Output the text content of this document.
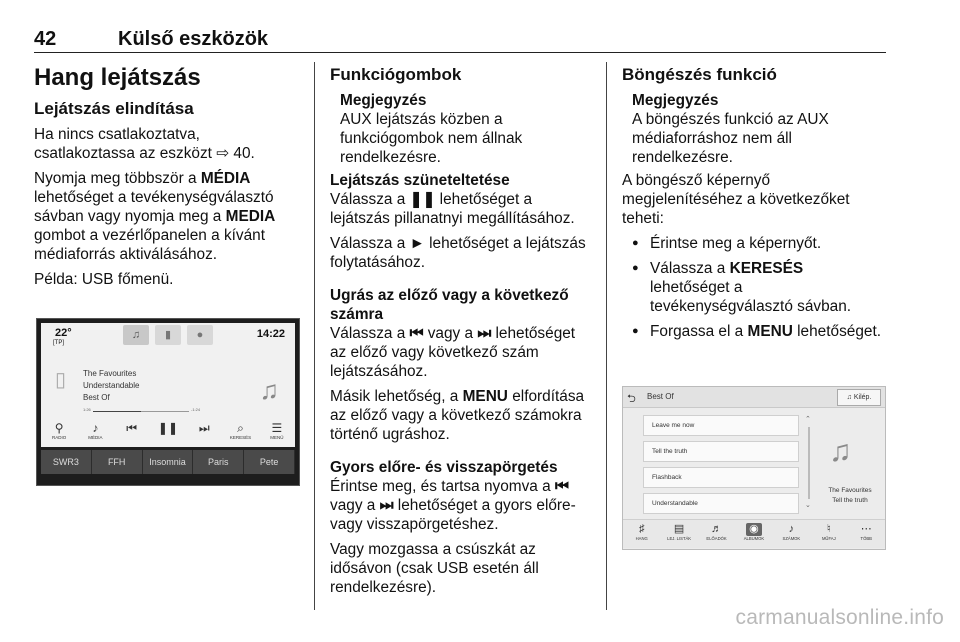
42	Külső eszközök
Hang lejátszás
Lejátszás elindítása

Ha nincs csatlakoztatva, csatlakoztassa az eszközt ⇨ 40.

Nyomja meg többször a MÉDIA lehetőséget a tevékenységválasztó sávban vagy nyomja meg a MEDIA gombot a vezérlőpanelen a kívánt médiaforrás aktiválásához.

Példa: USB főmenü.

22°
[TP]
♫	▮	●	14:22
▯ The Favourites
Understandable
Best Of	♫
1:26	-1:24
⚲
RADIO
♪
MÉDIA
⏮	❚❚	⏭	⌕
KERESÉS
☰
MENÜ
SWR3	FFH	Insomnia	Paris	Pete
Funkciógombok
Megjegyzés
AUX lejátszás közben a funkciógombok nem állnak rendelkezésre.
Lejátszás szüneteltetése

Válassza a ❚❚ lehetőséget a lejátszás pillanatnyi megállításához.

Válassza a ► lehetőséget a lejátszás folytatásához.

Ugrás az előző vagy a következő számra

Válassza a ⏮ vagy a ⏭ lehetőséget az előző vagy következő szám lejátszásához.

Másik lehetőség, a MENU elfordítása az előző vagy a következő számokra történő ugráshoz.

Gyors előre- és visszapörgetés

Érintse meg, és tartsa nyomva a ⏮ vagy a ⏭ lehetőséget a gyors előre- vagy visszapörgetéshez.

Vagy mozgassa a csúszkát az idősávon (csak USB esetén áll rendelkezésre).

Böngészés funkció
Megjegyzés
A böngészés funkció az AUX médiaforráshoz nem áll rendelkezésre.

A böngésző képernyő megjelenítéséhez a következőket teheti:

● Érintse meg a képernyőt.
● Válassza a KERESÉS lehetőséget a tevékenységválasztó sávban.
● Forgassa el a MENU lehetőséget.
⮌ Best Of	♫ Kilép.
Leave me now
Tell the truth
Flashback
Understandable
⌃
⌄
♫
The Favourites
Tell the truth
♯
HANG
▤
LEJ. LISTÁK
♬
ELŐADÓK
◉
ALBUMOK
♪
SZÁMOK
♮
MŰFAJ
⋯
TÖBB
carmanualsonline.info
